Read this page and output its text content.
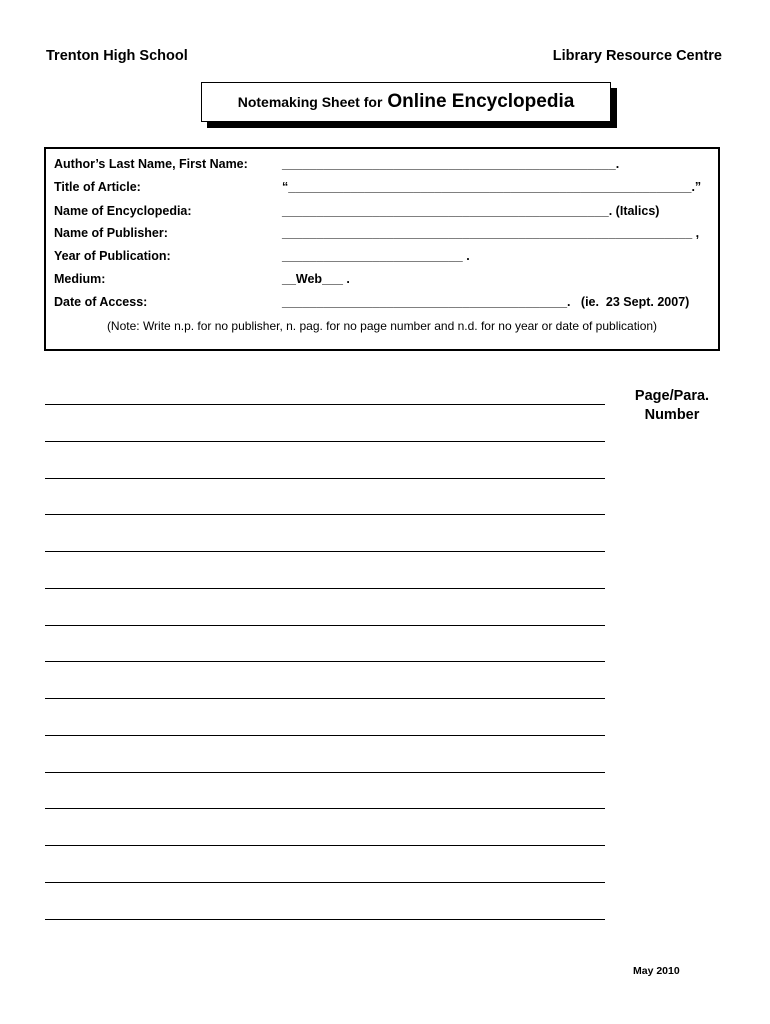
Trenton High School	Library Resource Centre
Notemaking Sheet for Online Encyclopedia
Author’s Last Name, First Name:	________________________________________________.
Title of Article:	“__________________________________________________________.”
Name of Encyclopedia:	_______________________________________________. (Italics)
Name of Publisher:	___________________________________________________________ ,
Year of Publication:	__________________________ .
Medium:	__Web___ .
Date of Access:	_________________________________________.   (ie.  23 Sept. 2007)
(Note: Write n.p. for no publisher, n. pag. for no page number and n.d. for no year or date of publication)
Page/Para.
Number
May 2010
